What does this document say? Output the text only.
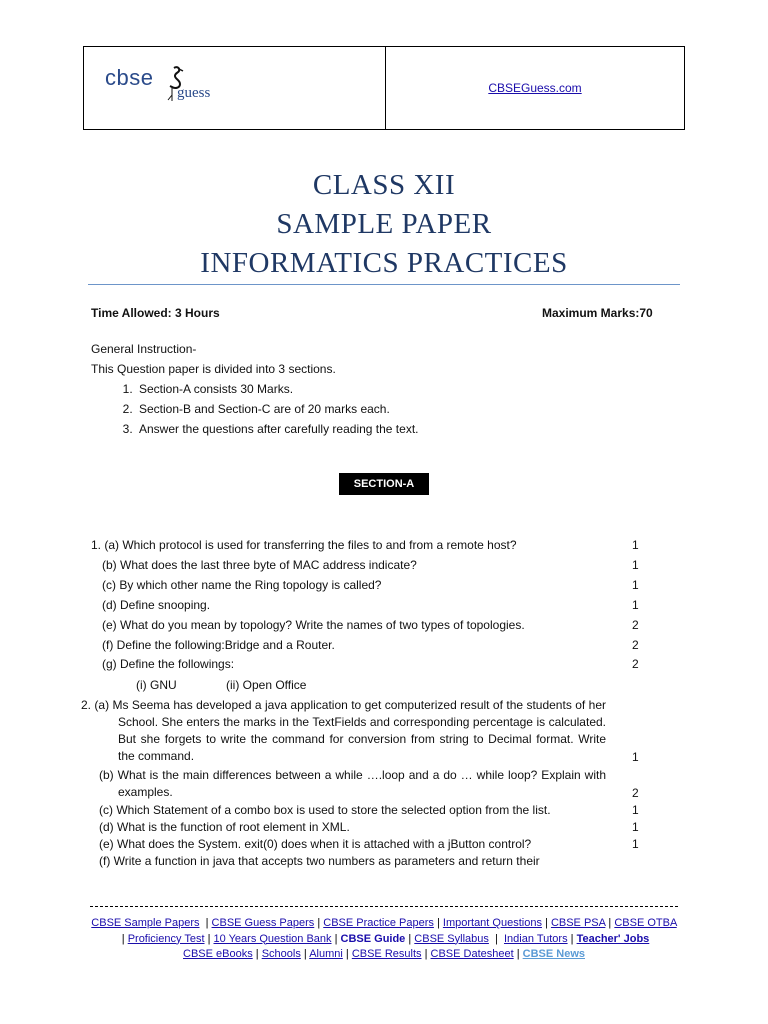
cbse
guess	CBSEGuess.com
CLASS XII
SAMPLE PAPER
INFORMATICS PRACTICES
Time Allowed: 3 Hours	Maximum Marks:70
General Instruction-
This Question paper is divided into 3 sections.
1. Section-A consists 30 Marks.
2. Section-B and Section-C are of 20 marks each.
3. Answer the questions after carefully reading the text.
SECTION-A
1. (a) Which protocol is used for transferring the files to and from a remote host?	1
(b) What does the last three byte of MAC address indicate?	1
(c) By which other name the Ring topology is called?	1
(d) Define snooping.	1
(e) What do you mean by topology? Write the names of two types of topologies.	2
(f) Define the following:Bridge and a Router.	2
(g) Define the followings:	2
(i) GNU	(ii) Open Office
2. (a) Ms Seema has developed a java application to get computerized result of the students of her School. She enters the marks in the TextFields and corresponding percentage is calculated. But she forgets to write the command for conversion from string to Decimal format. Write the command.	1
(b) What is the main differences between a while ….loop and a do … while loop? Explain with examples.	2
(c) Which Statement of a combo box is used to store the selected option from the list.	1
(d) What is the function of root element in XML.	1
(e) What does the System. exit(0) does when it is attached with a jButton control?	1
(f) Write a function in java that accepts two numbers as parameters and return their
CBSE Sample Papers  | CBSE Guess Papers | CBSE Practice Papers | Important Questions | CBSE PSA | CBSE OTBA  | Proficiency Test | 10 Years Question Bank | CBSE Guide | CBSE Syllabus  |  Indian Tutors | Teacher' Jobs
CBSE eBooks | Schools | Alumni | CBSE Results | CBSE Datesheet | CBSE News
